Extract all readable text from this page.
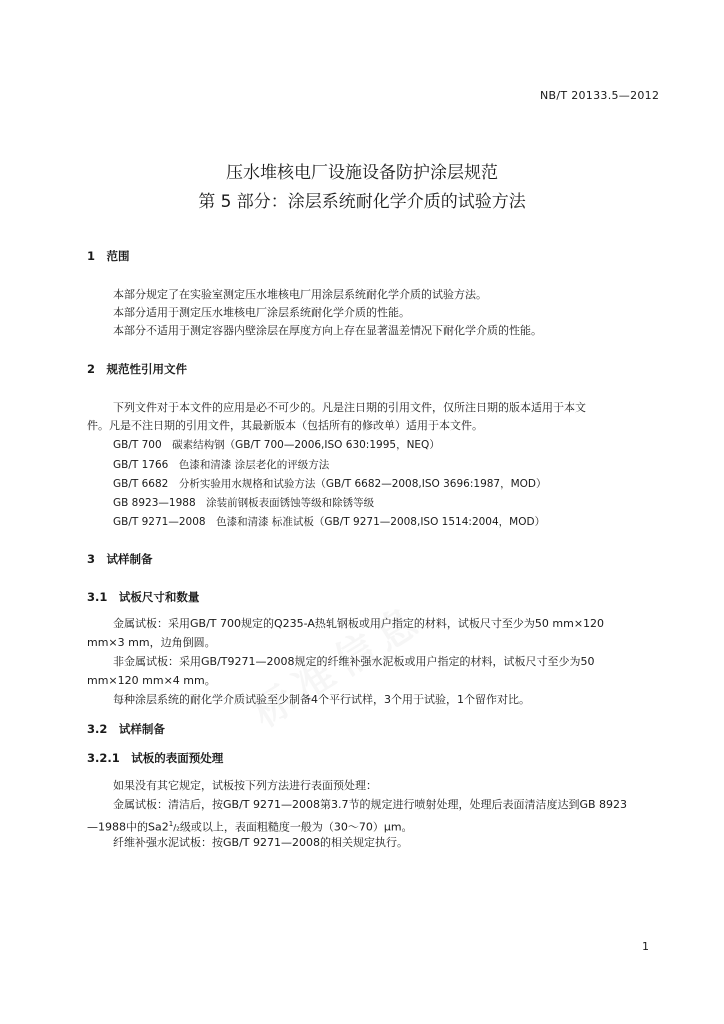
NB/T 20133.5—2012
压水堆核电厂设施设备防护涂层规范
第 5 部分：涂层系统耐化学介质的试验方法
1　范围
本部分规定了在实验室测定压水堆核电厂用涂层系统耐化学介质的试验方法。
本部分适用于测定压水堆核电厂涂层系统耐化学介质的性能。
本部分不适用于测定容器内壁涂层在厚度方向上存在显著温差情况下耐化学介质的性能。
2　规范性引用文件
下列文件对于本文件的应用是必不可少的。凡是注日期的引用文件，仅所注日期的版本适用于本文
件。凡是不注日期的引用文件，其最新版本（包括所有的修改单）适用于本文件。
GB/T 700　碳素结构钢（GB/T 700—2006,ISO 630:1995，NEQ）
GB/T 1766　色漆和清漆 涂层老化的评级方法
GB/T 6682　分析实验用水规格和试验方法（GB/T 6682—2008,ISO 3696:1987，MOD）
GB 8923—1988　涂装前钢板表面锈蚀等级和除锈等级
GB/T 9271—2008　色漆和清漆 标准试板（GB/T 9271—2008,ISO 1514:2004，MOD）
3　试样制备
3.1　试板尺寸和数量
金属试板：采用GB/T 700规定的Q235-A热轧钢板或用户指定的材料，试板尺寸至少为50 mm×120
mm×3 mm，边角倒圆。
非金属试板：采用GB/T9271—2008规定的纤维补强水泥板或用户指定的材料，试板尺寸至少为50
mm×120 mm×4 mm。
每种涂层系统的耐化学介质试验至少制备4个平行试样，3个用于试验，1个留作对比。
3.2　试样制备
3.2.1　试板的表面预处理
如果没有其它规定，试板按下列方法进行表面预处理：
金属试板：清洁后，按GB/T 9271—2008第3.7节的规定进行喷射处理，处理后表面清洁度达到GB 8923
—1988中的$Sa2^1/_2$级或以上，表面粗糙度一般为（30～70）μm。
纤维补强水泥试板：按GB/T 9271—2008的相关规定执行。
1
